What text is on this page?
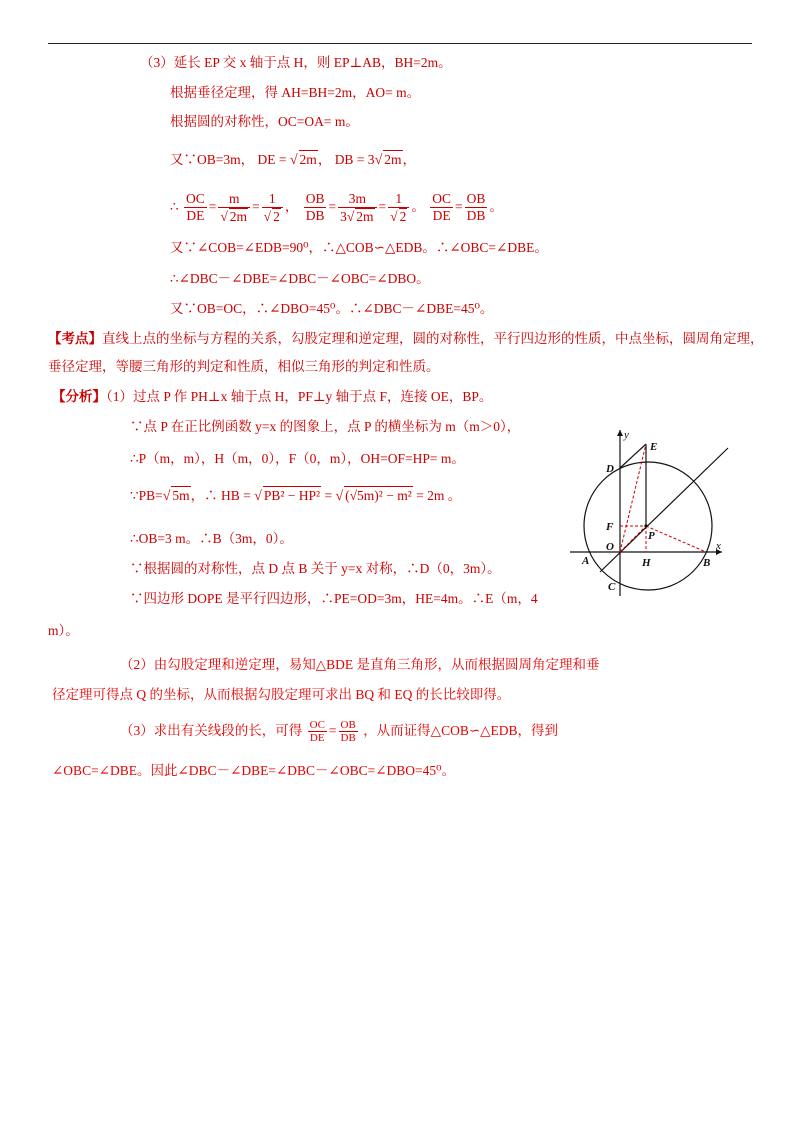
（3）延长 EP 交 x 轴于点 H，则 EP⊥AB，BH=2m。
根据垂径定理，得 AH=BH=2m，AO= m。
根据圆的对称性，OC=OA= m。
又∵OB=3m， DE = √ 2m， DB = 3√ 2m，
∴ $\frac{OC}{DE} = \frac{m}{√ 2m} = \frac{1}{√ 2}$ ， $\frac{OB}{DB} = \frac{3m}{3√ 2m} = \frac{1}{√ 2}$ 。 $\frac{OC}{DE} = \frac{OB}{DB}$ 。
又∵∠COB=∠EDB=90⁰，∴△COB∽△EDB。∴∠OBC=∠DBE。
∴∠DBC－∠DBE=∠DBC－∠OBC=∠DBO。
又∵OB=OC，∴∠DBO=45⁰。∴∠DBC－∠DBE=45⁰。
【考点】直线上点的坐标与方程的关系，勾股定理和逆定理，圆的对称性，平行四边形的性质，中点坐标，圆周角定理，
垂径定理，等腰三角形的判定和性质，相似三角形的判定和性质。
【分析】（1）过点 P 作 PH⊥x 轴于点 H，PF⊥y 轴于点 F，连接 OE，BP。
∵点 P 在正比例函数 y=x 的图象上，点 P 的横坐标为 m（m＞0），
∴P（m，m），H（m，0），F（0，m），OH=OF=HP= m。
∵PB=√ 5m，∴ HB = √ PB² − HP² = √ (√5m)² − m² = 2m 。
∴OB=3 m。∴B（3m，0）。
∵根据圆的对称性，点 D 点 B 关于 y=x 对称，∴D（0，3m）。
∵四边形 DOPE 是平行四边形，∴PE=OD=3m，HE=4m。∴E（m，4
m）。
（2）由勾股定理和逆定理，易知△BDE 是直角三角形，从而根据圆周角定理和垂
径定理可得点 Q 的坐标，从而根据勾股定理可求出 BQ 和 EQ 的长比较即得。
（3）求出有关线段的长，可得 $\frac{OC}{DE} = \frac{OB}{DB}$ ，从而证得△COB∽△EDB，得到
∠OBC=∠DBE。因此∠DBC－∠DBE=∠DBC－∠OBC=∠DBO=45⁰。
y
x
E
D
F
P
O
A	H	B
C
